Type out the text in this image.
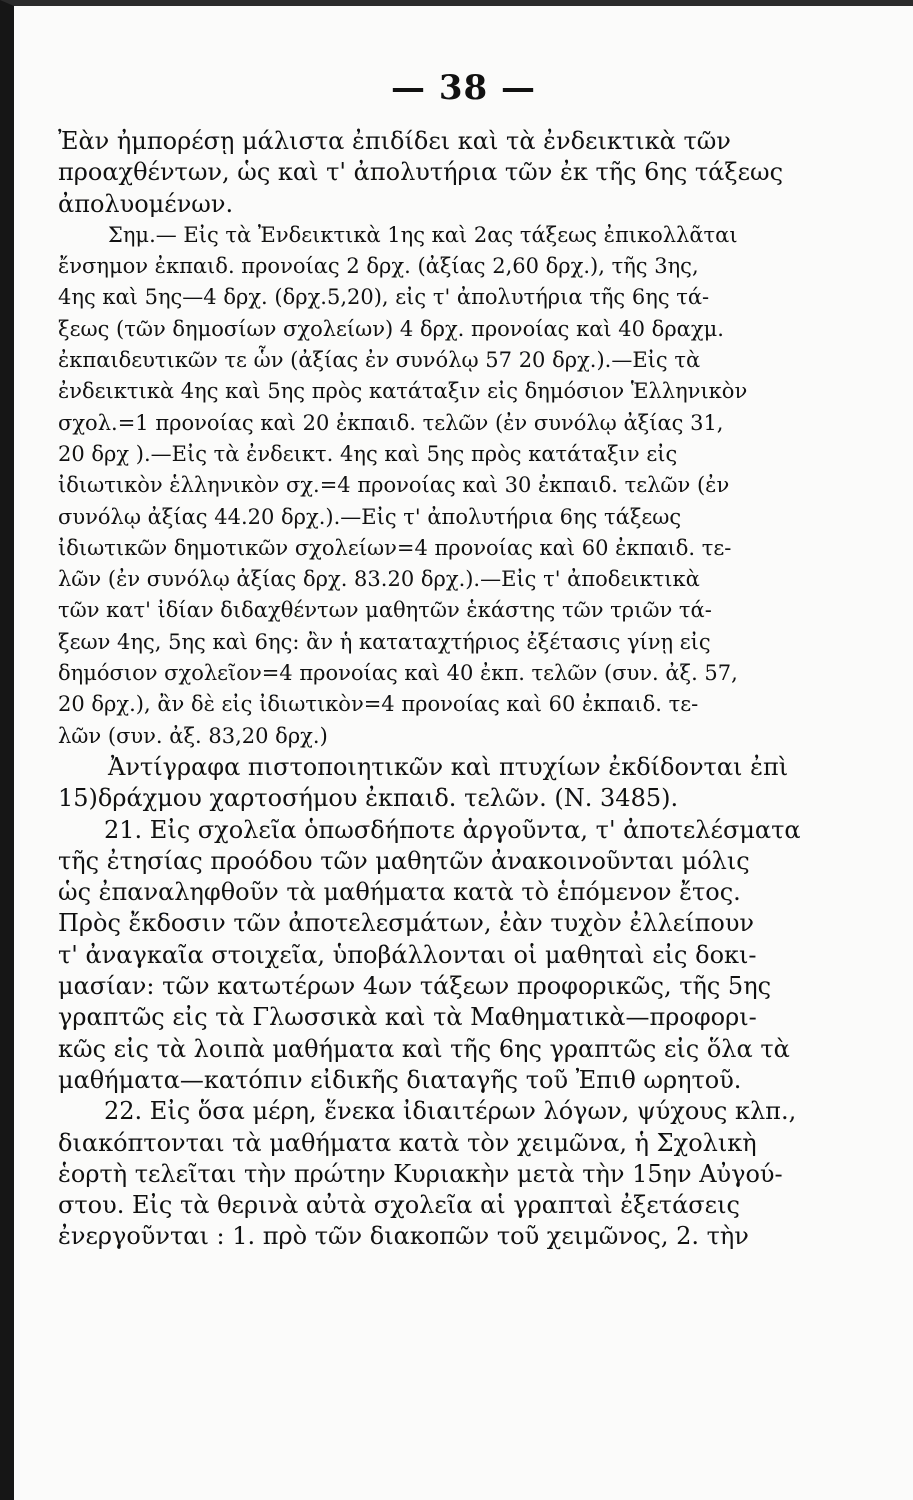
— 38 —
Ἐὰν ἠμπορέσῃ μάλιστα ἐπιδίδει καὶ τὰ ἐνδεικτικὰ τῶν
προαχθέντων, ὡς καὶ τ' ἀπολυτήρια τῶν ἐκ τῆς 6ης τάξεως
ἀπολυομένων.
Σημ.— Εἰς τὰ Ἐνδεικτικὰ 1ης καὶ 2ας τάξεως ἐπικολλᾶται
ἔνσημον ἐκπαιδ. προνοίας 2 δρχ. (ἀξίας 2,60 δρχ.), τῆς 3ης,
4ης καὶ 5ης—4 δρχ. (δρχ.5,20), εἰς τ' ἀπολυτήρια τῆς 6ης τά-
ξεως (τῶν δημοσίων σχολείων) 4 δρχ. προνοίας καὶ 40 δραχμ.
ἐκπαιδευτικῶν τε ὧν (ἀξίας ἐν συνόλῳ 57 20 δρχ.).—Εἰς τὰ
ἐνδεικτικὰ 4ης καὶ 5ης πρὸς κατάταξιν εἰς δημόσιον Ἑλληνικὸν
σχολ.=1 προνοίας καὶ 20 ἐκπαιδ. τελῶν (ἐν συνόλῳ ἀξίας 31,
20 δρχ ).—Εἰς τὰ ἐνδεικτ. 4ης καὶ 5ης πρὸς κατάταξιν εἰς
ἰδιωτικὸν ἑλληνικὸν σχ.=4 προνοίας καὶ 30 ἐκπαιδ. τελῶν (ἐν
συνόλῳ ἀξίας 44.20 δρχ.).—Εἰς τ' ἀπολυτήρια 6ης τάξεως
ἰδιωτικῶν δημοτικῶν σχολείων=4 προνοίας καὶ 60 ἐκπαιδ. τε-
λῶν (ἐν συνόλῳ ἀξίας δρχ. 83.20 δρχ.).—Εἰς τ' ἀποδεικτικὰ
τῶν κατ' ἰδίαν διδαχθέντων μαθητῶν ἑκάστης τῶν τριῶν τά-
ξεων 4ης, 5ης καὶ 6ης: ἂν ἡ καταταχτήριος ἐξέτασις γίνῃ εἰς
δημόσιον σχολεῖον=4 προνοίας καὶ 40 ἐκπ. τελῶν (συν. ἀξ. 57,
20 δρχ.), ἂν δὲ εἰς ἰδιωτικὸν=4 προνοίας καὶ 60 ἐκπαιδ. τε-
λῶν (συν. ἀξ. 83,20 δρχ.)
Ἀντίγραφα πιστοποιητικῶν καὶ πτυχίων ἐκδίδονται ἐπὶ
15)δράχμου χαρτοσήμου ἐκπαιδ. τελῶν. (Ν. 3485).
21. Εἰς σχολεῖα ὁπωσδήποτε ἀργοῦντα, τ' ἀποτελέσματα
τῆς ἐτησίας προόδου τῶν μαθητῶν ἀνακοινοῦνται μόλις
ὡς ἐπαναληφθοῦν τὰ μαθήματα κατὰ τὸ ἑπόμενον ἔτος.
Πρὸς ἔκδοσιν τῶν ἀποτελεσμάτων, ἐὰν τυχὸν ἐλλείπουν
τ' ἀναγκαῖα στοιχεῖα, ὑποβάλλονται οἱ μαθηταὶ εἰς δοκι-
μασίαν: τῶν κατωτέρων 4ων τάξεων προφορικῶς, τῆς 5ης
γραπτῶς εἰς τὰ Γλωσσικὰ καὶ τὰ Μαθηματικὰ—προφορι-
κῶς εἰς τὰ λοιπὰ μαθήματα καὶ τῆς 6ης γραπτῶς εἰς ὅλα τὰ
μαθήματα—κατόπιν εἰδικῆς διαταγῆς τοῦ Ἐπιθ ωρητοῦ.
22. Εἰς ὅσα μέρη, ἕνεκα ἰδιαιτέρων λόγων, ψύχους κλπ.,
διακόπτονται τὰ μαθήματα κατὰ τὸν χειμῶνα, ἡ Σχολικὴ
ἑορτὴ τελεῖται τὴν πρώτην Κυριακὴν μετὰ τὴν 15ην Αὐγού-
στου. Εἰς τὰ θερινὰ αὐτὰ σχολεῖα αἱ γραπταὶ ἐξετάσεις
ἐνεργοῦνται : 1. πρὸ τῶν διακοπῶν τοῦ χειμῶνος, 2. τὴν
